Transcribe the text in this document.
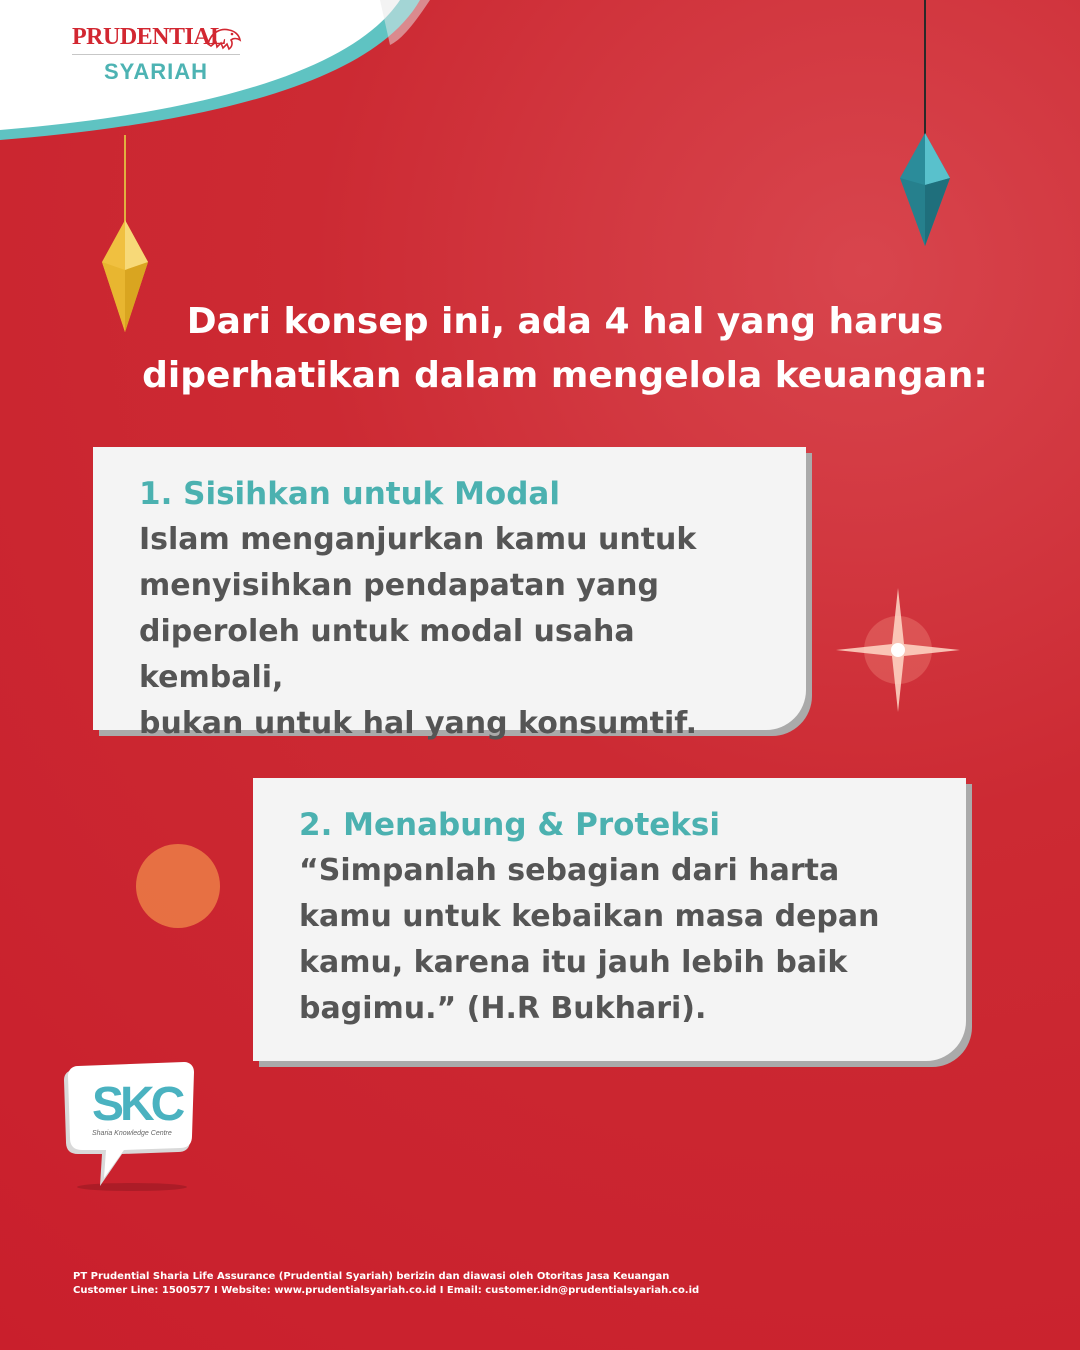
PRUDENTIAL
SYARIAH
Dari konsep ini, ada 4 hal yang harus
diperhatikan dalam mengelola keuangan:
1. Sisihkan untuk Modal
Islam menganjurkan kamu untuk
menyisihkan pendapatan yang
diperoleh untuk modal usaha kembali,
bukan untuk hal yang konsumtif.
2. Menabung & Proteksi
“Simpanlah sebagian dari harta
kamu untuk kebaikan masa depan
kamu, karena itu jauh lebih baik
bagimu.” (H.R Bukhari).
SKC
Sharia Knowledge Centre
PT Prudential Sharia Life Assurance (Prudential Syariah) berizin dan diawasi oleh Otoritas Jasa Keuangan
Customer Line: 1500577 I Website: www.prudentialsyariah.co.id I Email: customer.idn@prudentialsyariah.co.id
